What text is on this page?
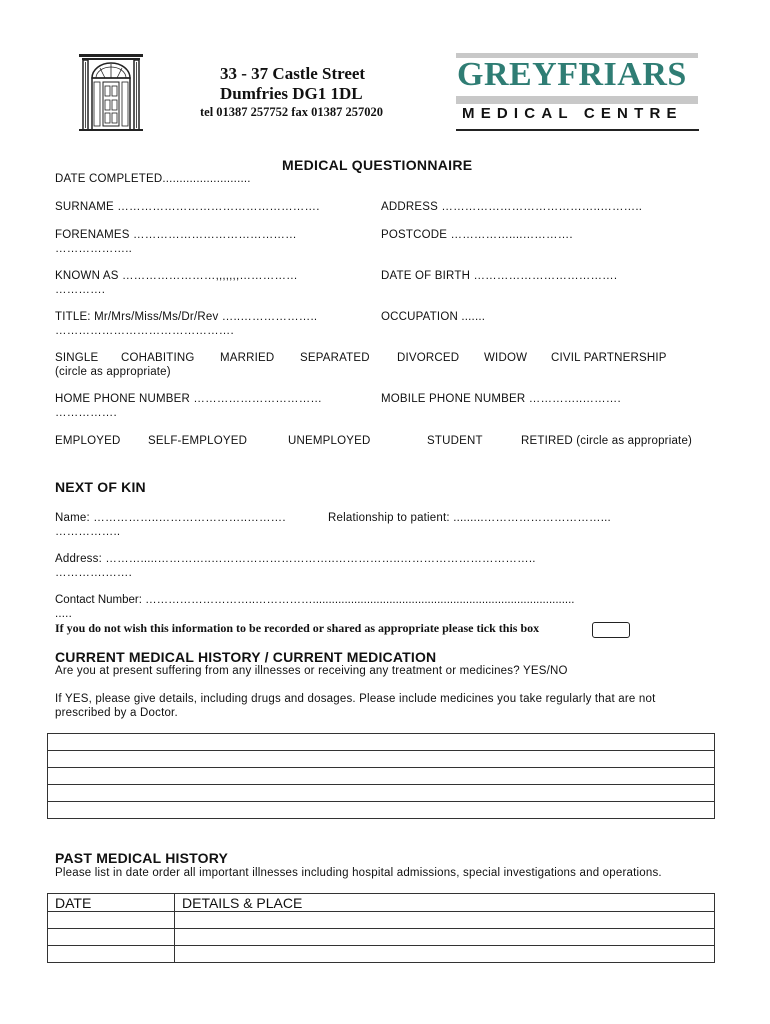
33 - 37 Castle Street
Dumfries DG1 1DL
tel 01387 257752 fax 01387 257020
GREYFRIARS
MEDICAL CENTRE
MEDICAL QUESTIONNAIRE
DATE COMPLETED..........................
SURNAME …………………………………………….	ADDRESS …………………………………..………..
FORENAMES ……………………………………	POSTCODE ……………....………….
………………..
KNOWN AS ……………………,,,,,,,……………	DATE OF BIRTH ……………………………….
………….
TITLE: Mr/Mrs/Miss/Ms/Dr/Rev …..………………..	OCCUPATION .......
……………………………………….
SINGLE COHABITING MARRIED SEPARATED DIVORCED WIDOW CIVIL PARTNERSHIP
(circle as appropriate)
HOME PHONE NUMBER ……………………………	MOBILE PHONE NUMBER …………..……….
…………….
EMPLOYED SELF-EMPLOYED	UNEMPLOYED	STUDENT	RETIRED (circle as appropriate)
NEXT OF KIN
Name: ……………..…………………..……….	Relationship to patient: .........…………………………...
……………..
Address: ……….....…………..…………………………..……………..……………………………..
………….…….
Contact Number: ………………………..……………..................................................................................
.....
If you do not wish this information to be recorded or shared as appropriate please tick this box
CURRENT MEDICAL HISTORY / CURRENT MEDICATION
Are you at present suffering from any illnesses or receiving any treatment or medicines? YES/NO
If YES, please give details, including drugs and dosages. Please include medicines you take regularly that are not
prescribed by a Doctor.

PAST MEDICAL HISTORY
Please list in date order all important illnesses including hospital admissions, special investigations and operations.
DATE	DETAILS & PLACE
